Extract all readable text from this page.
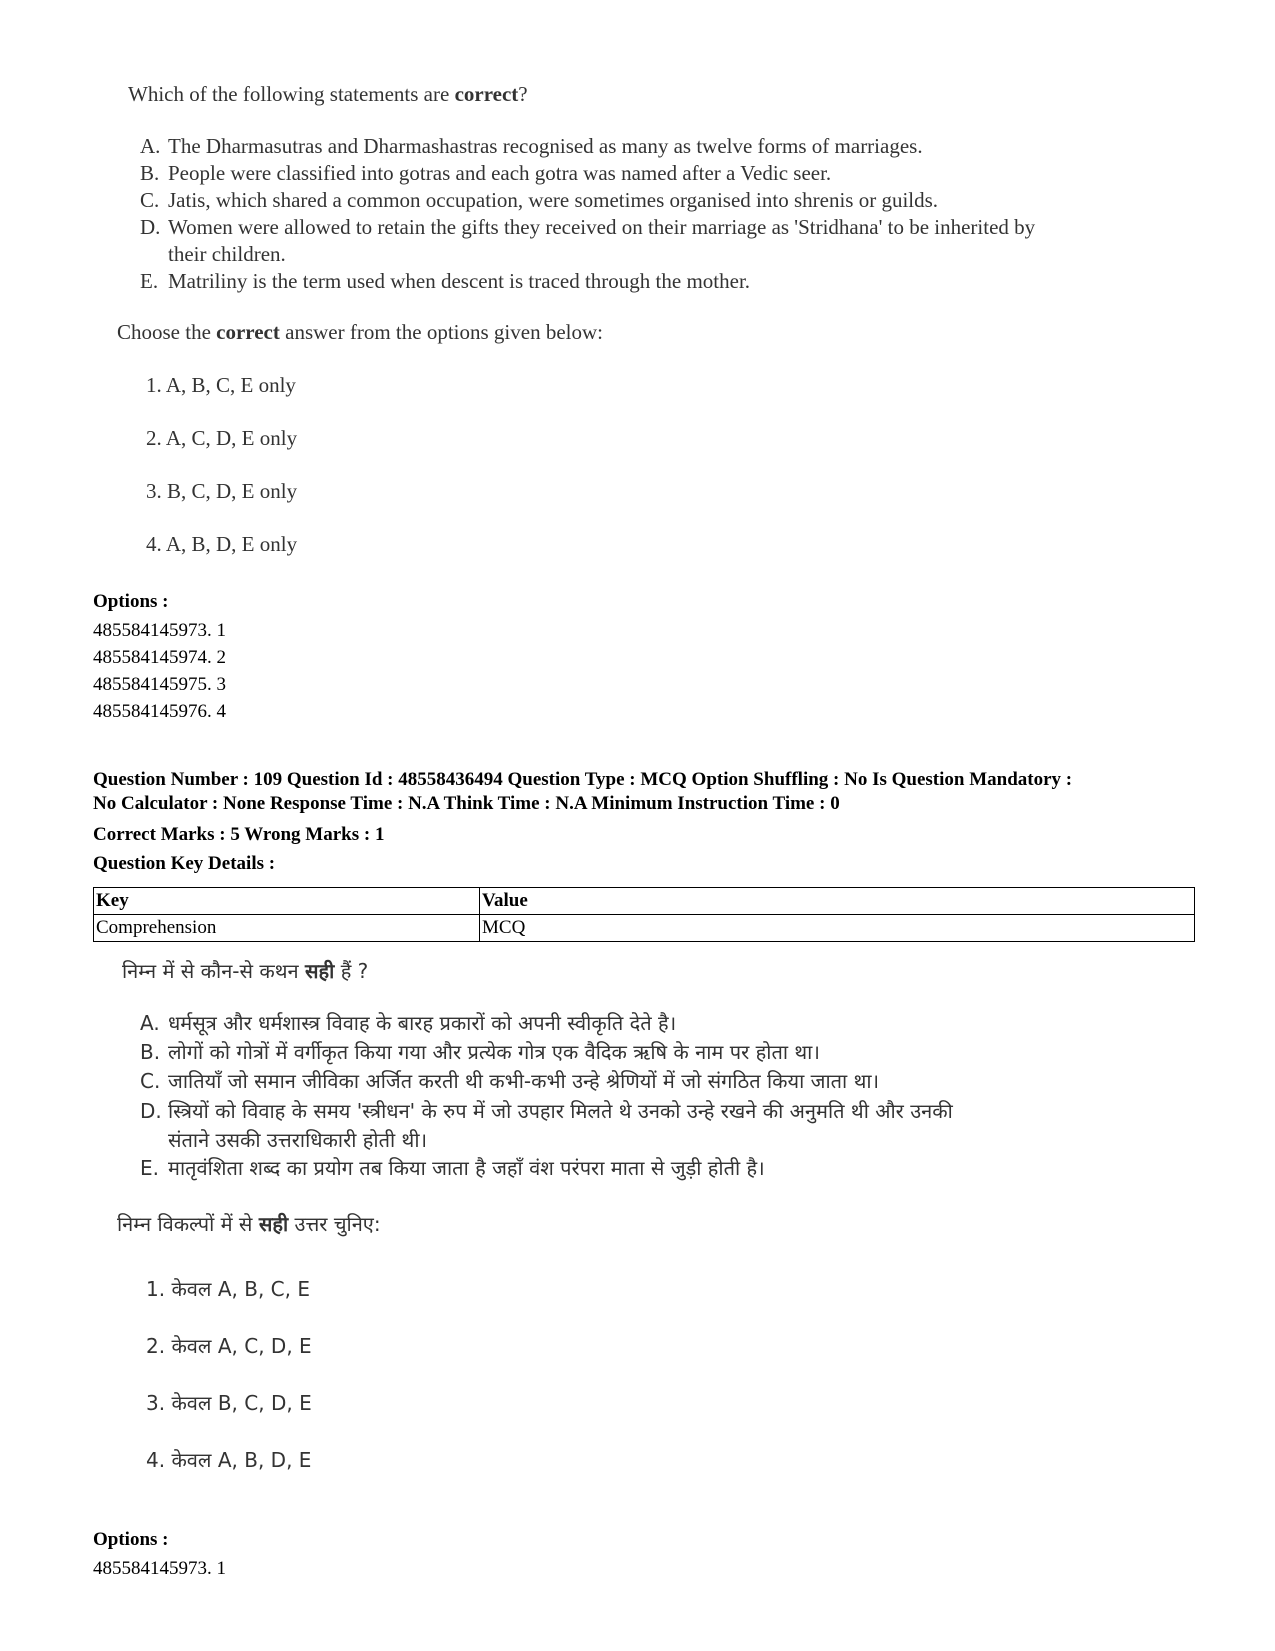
Which of the following statements are correct?
A. The Dharmasutras and Dharmashastras recognised as many as twelve forms of marriages.
B. People were classified into gotras and each gotra was named after a Vedic seer.
C. Jatis, which shared a common occupation, were sometimes organised into shrenis or guilds.
D. Women were allowed to retain the gifts they received on their marriage as 'Stridhana' to be inherited by
their children.
E. Matriliny is the term used when descent is traced through the mother.
Choose the correct answer from the options given below:
1. A, B, C, E only
2. A, C, D, E only
3. B, C, D, E only
4. A, B, D, E only
Options :
485584145973. 1
485584145974. 2
485584145975. 3
485584145976. 4
Question Number : 109 Question Id : 48558436494 Question Type : MCQ Option Shuffling : No Is Question Mandatory :
No Calculator : None Response Time : N.A Think Time : N.A Minimum Instruction Time : 0
Correct Marks : 5 Wrong Marks : 1
Question Key Details :
Key	Value
Comprehension	MCQ
निम्न में से कौन-से कथन सही हैं ?
A. धर्मसूत्र और धर्मशास्त्र विवाह के बारह प्रकारों को अपनी स्वीकृति देते है।
B. लोगों को गोत्रों में वर्गीकृत किया गया और प्रत्येक गोत्र एक वैदिक ऋषि के नाम पर होता था।
C. जातियाँ जो समान जीविका अर्जित करती थी कभी-कभी उन्हे श्रेणियों में जो संगठित किया जाता था।
D. स्त्रियों को विवाह के समय 'स्त्रीधन' के रुप में जो उपहार मिलते थे उनको उन्हे रखने की अनुमति थी और उनकी
संताने उसकी उत्तराधिकारी होती थी।
E. मातृवंशिता शब्द का प्रयोग तब किया जाता है जहाँ वंश परंपरा माता से जुड़ी होती है।
निम्न विकल्पों में से सही उत्तर चुनिए:
1. केवल A, B, C, E
2. केवल A, C, D, E
3. केवल B, C, D, E
4. केवल A, B, D, E
Options :
485584145973. 1
